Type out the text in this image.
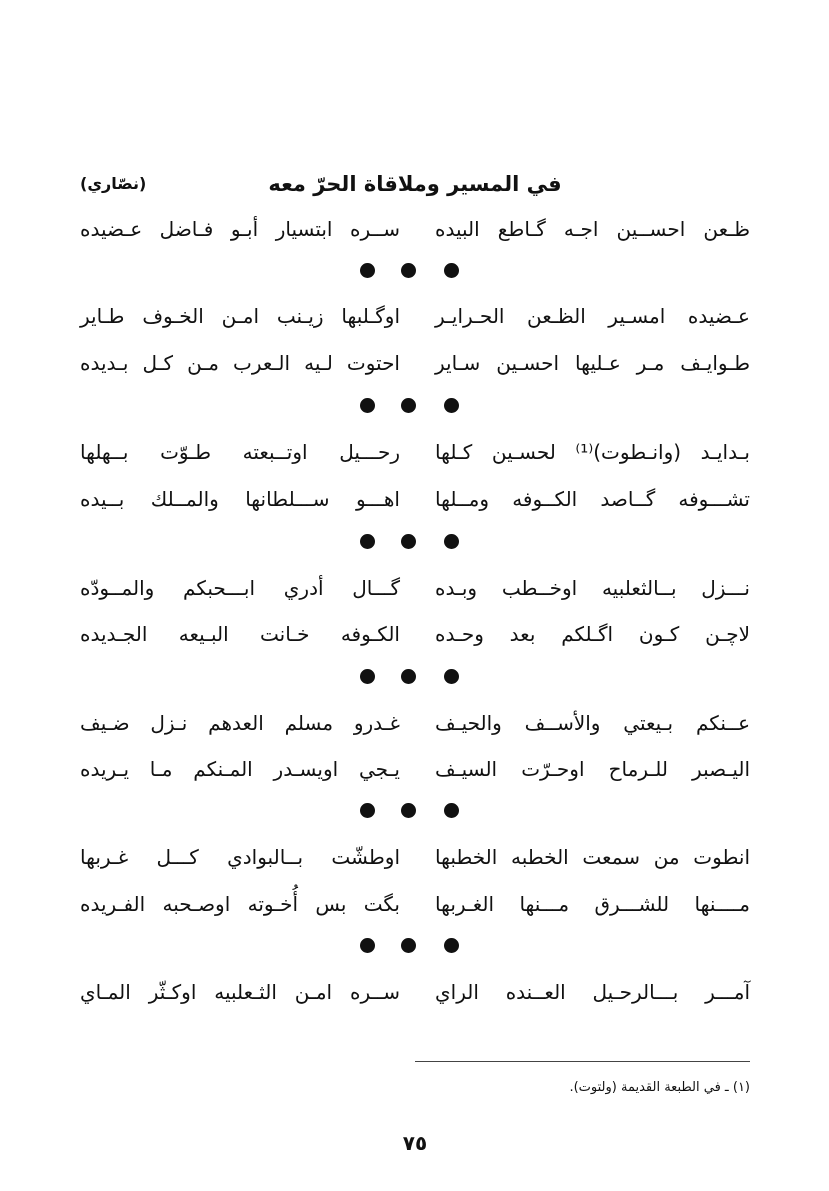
في المسير وملاقاة الحرّ معه
(نصّاري)
ظـعن احســين اجـه گـاطع البيده
ســره ابتسيار أبـو فـاضل عـضيده
عـضيده امسـير الظـعن الحـرايـر
اوگـلبها زيـنب امـن الخـوف طـاير
طـوايـف مـر عـليها احسـين سـاير
احتوت لـيه الـعرب مـن كـل بـديده
بـدايـد (وانـطوت)⁽¹⁾ لحسـين كـلها
رحـــيل اوتــبعته طـوّت بــهلها
تشـــوفه گــاصد الكــوفه ومــلها
اهـــو ســـلطانها والمــلك بــيده
نـــزل بــالثعلبيه اوخــطب وبـده
گـــال أدري ابـــحبكم والمــودّه
لاچـن كـون اگـلكم بعد وحـده
الكـوفه خـانت البـيعه الجـديده
عــنكم بـيعتي والأســف والحيـف
غـدرو مسلم العدهم نـزل ضـيف
اليـصبر للـرماح اوحـرّت السيـف
يـجي اويسـدر المـنكم مـا يـريده
انطوت من سمعت الخطبه الخطبها
اوطشّت بــالبوادي كـــل غـربها
مــــنها للشـــرق مـــنها الغـربها
بگت بس أُخـوته اوصـحبه الفـريده
آمـــر بـــالرحـيل العــنده الراي
ســره امـن الثـعلبيه اوكـثّر المـاي
(١) ـ في الطبعة القديمة (ولتوت).
٧٥
